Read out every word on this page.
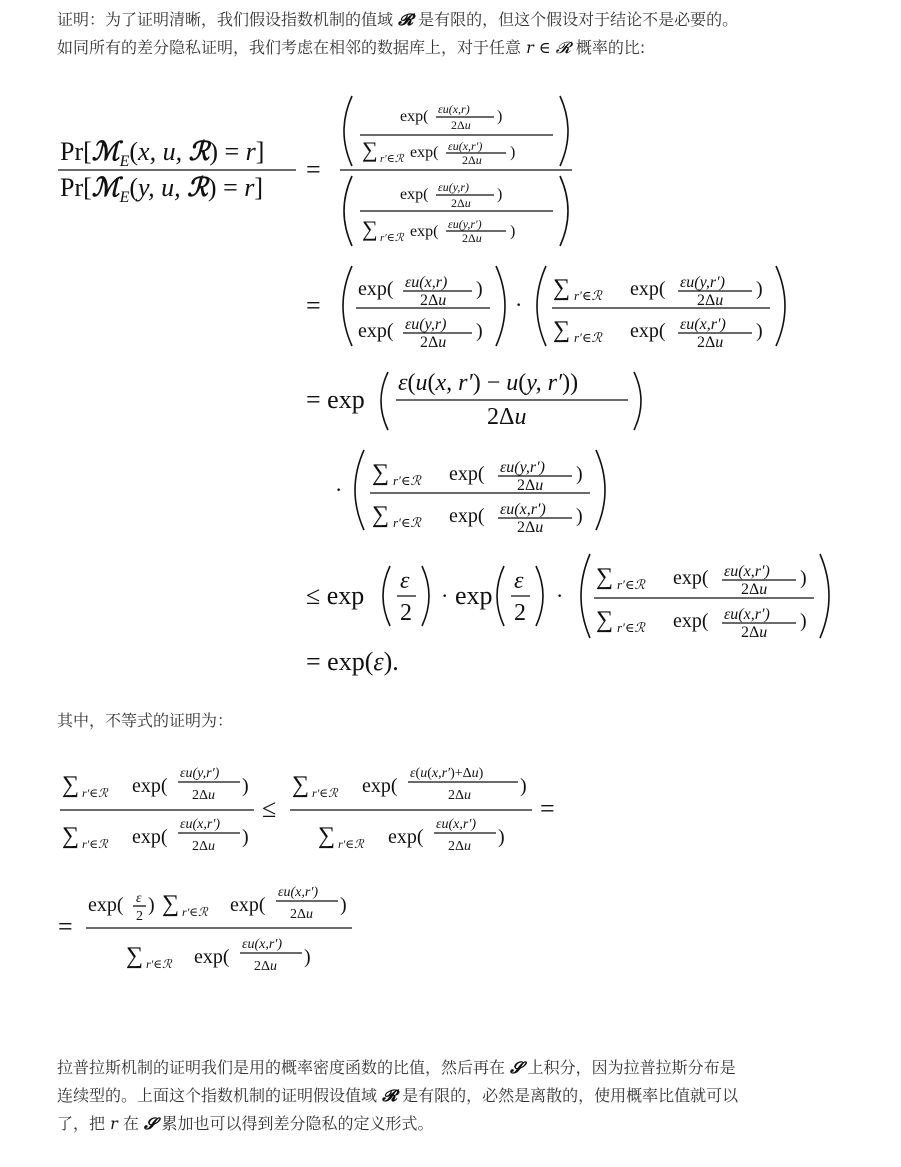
证明：为了证明清晰，我们假设指数机制的值域 𝓡 是有限的，但这个假设对于结论不是必要的。
如同所有的差分隐私证明，我们考虑在相邻的数据库上，对于任意 r ∈ 𝓡 概率的比:

Pr[ℳ$_E$(x, u, ℛ) = r]
Pr[ℳ$_E$(y, u, ℛ) = r]
=
exp( εu(x,r)
2Δu )
∑ r′∈ℛ exp( εu(x,r′)
2Δu )
exp( εu(y,r)
2Δu )
∑ r′∈ℛ exp( εu(y,r′)
2Δu )
=
exp( εu(x,r)
2Δu
)
exp( εu(y,r)
2Δu
)
·
∑ r′∈ℛ exp( εu(y,r′)
2Δu
)
∑ r′∈ℛ exp( εu(x,r′)
2Δu
)
= exp
ε(u(x, r′) − u(y, r′))
2Δu
·
∑ r′∈ℛ exp( εu(y,r′)
2Δu
)
∑ r′∈ℛ exp( εu(x,r′)
2Δu
)
≤ exp ε
2
· exp ε
2
·
∑ r′∈ℛ exp( εu(x,r′)
2Δu
)
∑ r′∈ℛ exp( εu(x,r′)
2Δu
)
= exp(ε).
∑ r′∈ℛ exp(
εu(y,r′)
2Δu )
∑ r′∈ℛ exp(
εu(x,r′)
2Δu )
≤
∑ r′∈ℛ exp(
ε(u(x,r′)+Δu)
2Δu )
∑ r′∈ℛ exp(
εu(x,r′)
2Δu )
=
=
exp( ε
2
) ∑ r′∈ℛ exp(
εu(x,r′)
2Δu )
∑ r′∈ℛ exp(
εu(x,r′)
2Δu )

其中，不等式的证明为：

拉普拉斯机制的证明我们是用的概率密度函数的比值，然后再在 𝓢 上积分，因为拉普拉斯分布是
连续型的。上面这个指数机制的证明假设值域 𝓡 是有限的，必然是离散的，使用概率比值就可以
了，把 r 在 𝓢 累加也可以得到差分隐私的定义形式。
